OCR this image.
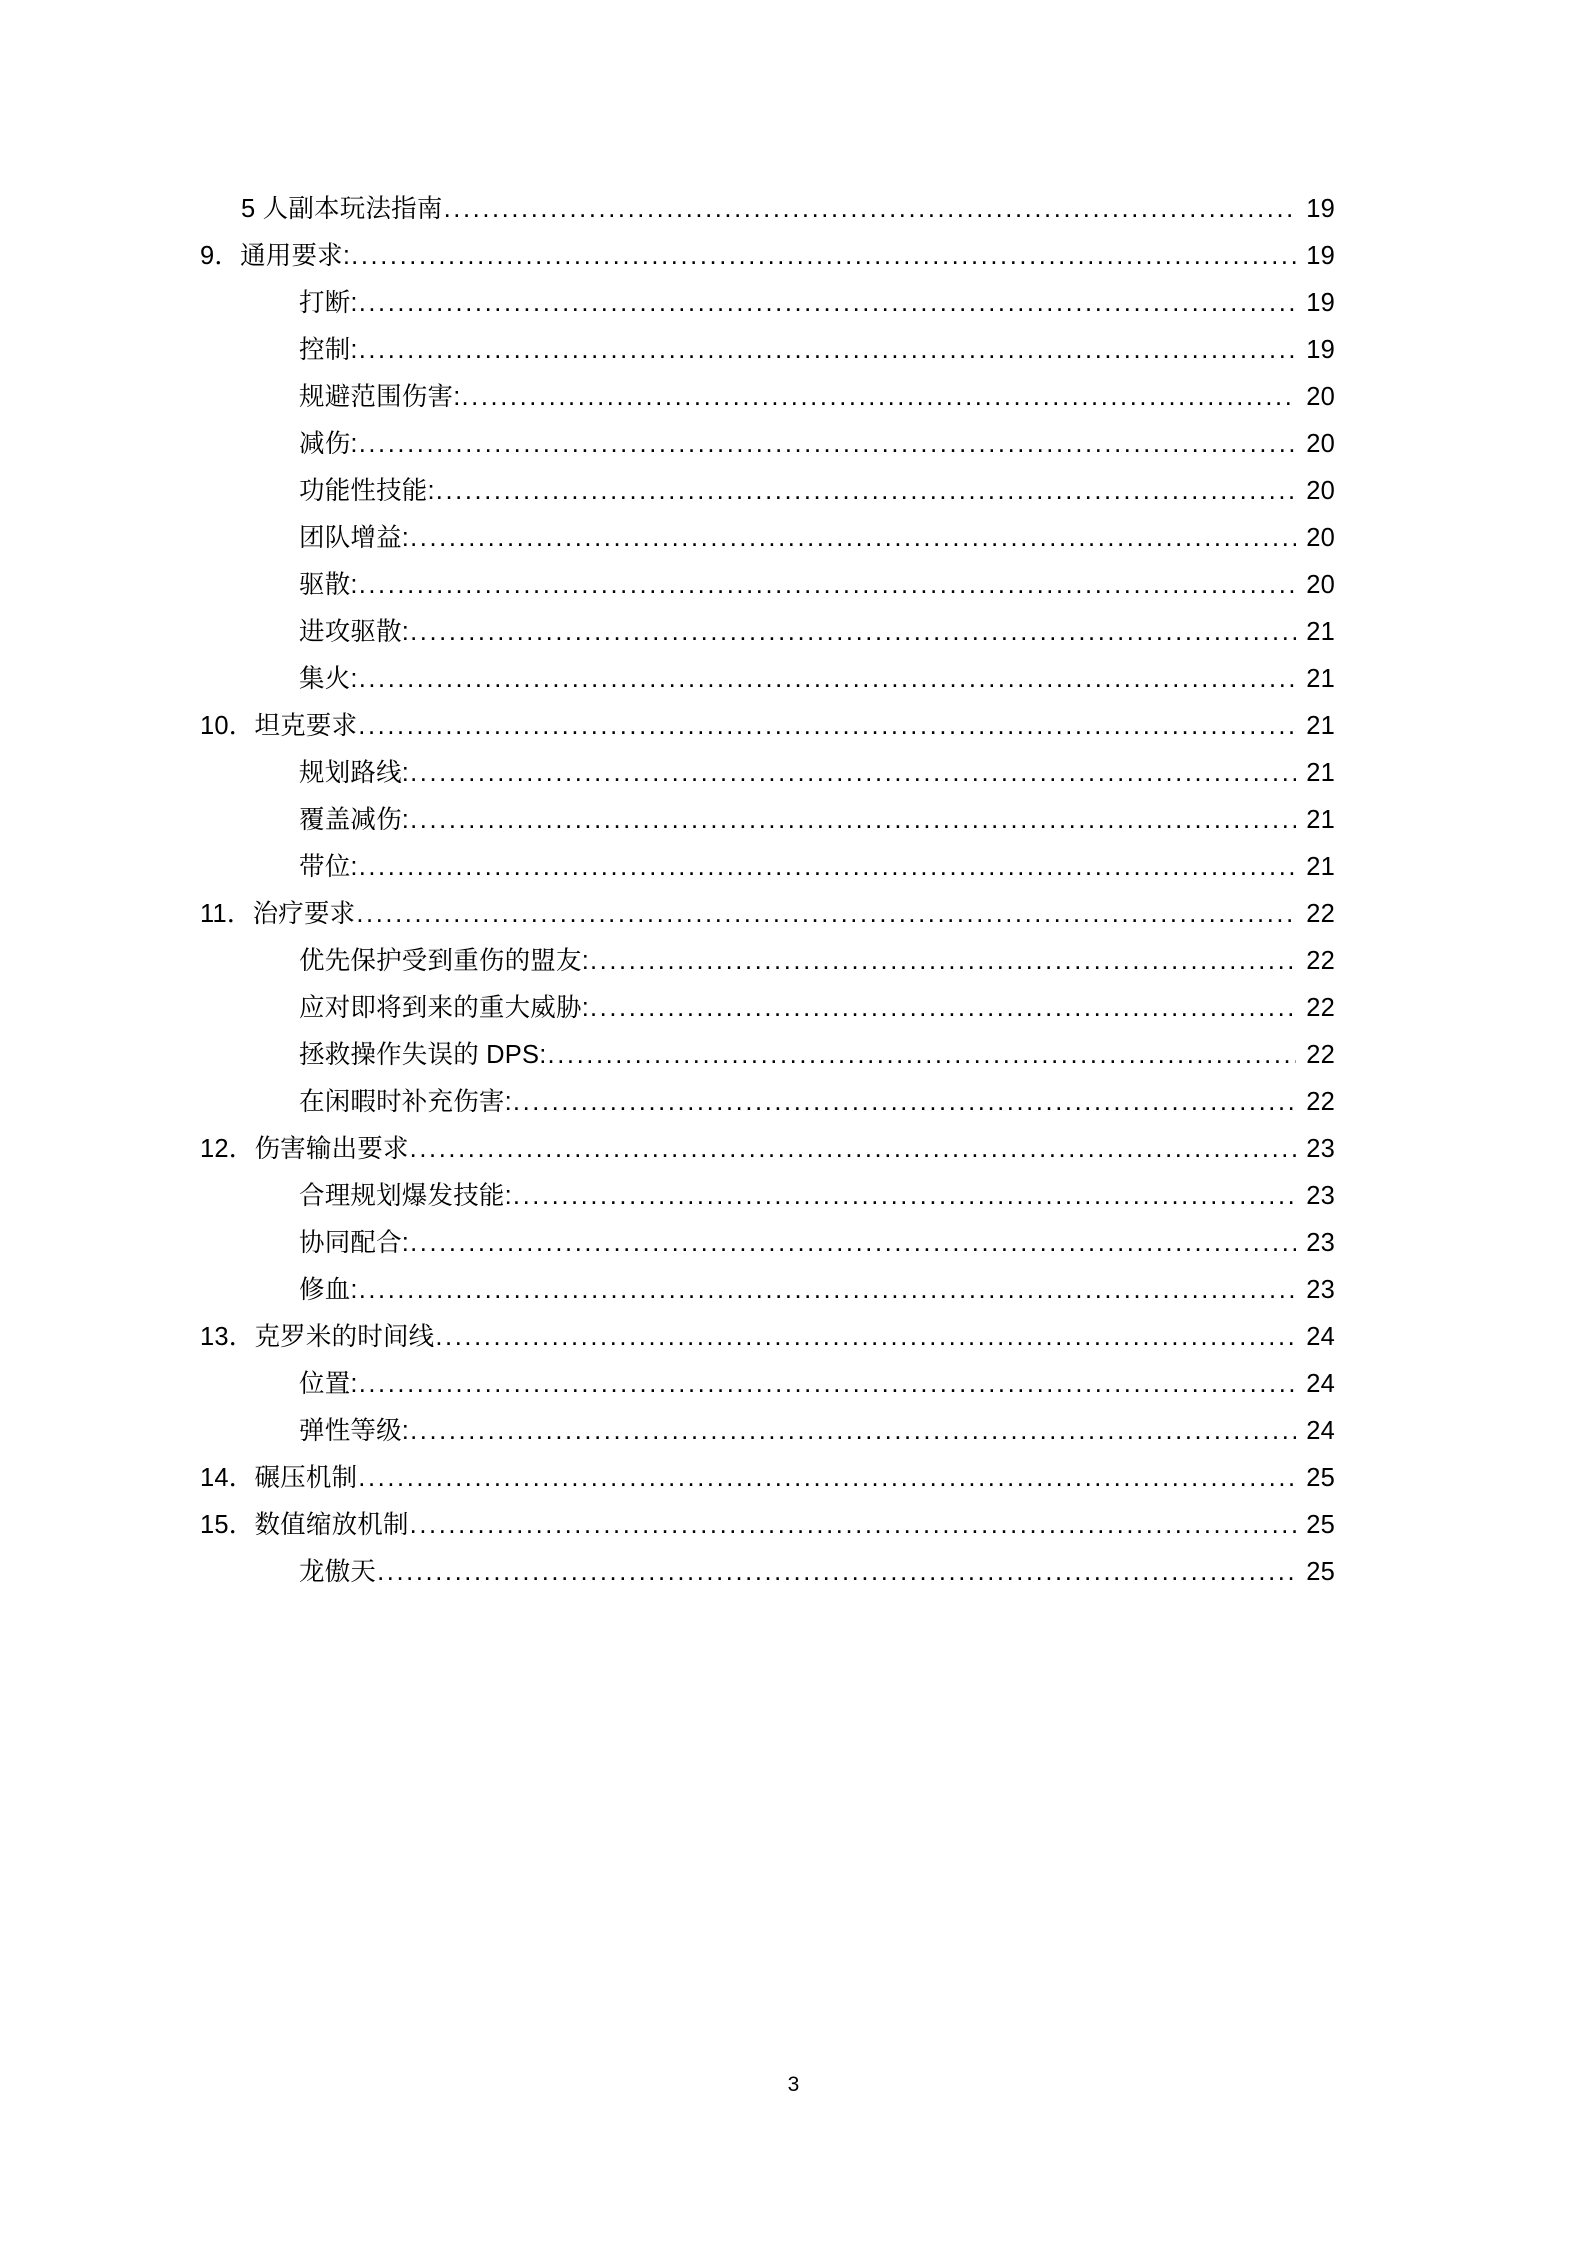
5 人副本玩法指南 .....	19
9．通用要求: .....	19
打断: .....	19
控制: .....	19
规避范围伤害: .....	20
减伤: .....	20
功能性技能: .....	20
团队增益: .....	20
驱散: .....	20
进攻驱散: .....	21
集火: .....	21
10．坦克要求 .....	21
规划路线: .....	21
覆盖减伤: .....	21
带位: .....	21
11．治疗要求 .....	22
优先保护受到重伤的盟友: .....	22
应对即将到来的重大威胁: .....	22
拯救操作失误的 DPS: .....	22
在闲暇时补充伤害: .....	22
12．伤害输出要求 .....	23
合理规划爆发技能: .....	23
协同配合: .....	23
修血: .....	23
13．克罗米的时间线 .....	24
位置: .....	24
弹性等级: .....	24
14．碾压机制 .....	25
15．数值缩放机制 .....	25
龙傲天 .....	25
3
